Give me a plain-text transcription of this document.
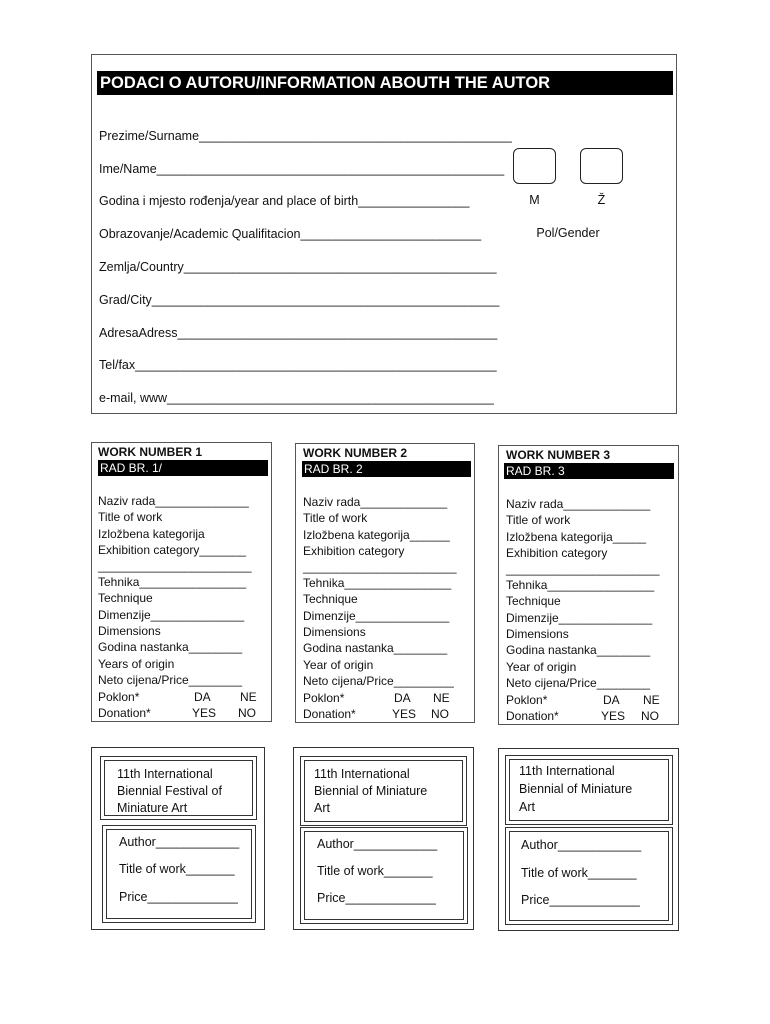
PODACI O AUTORU/INFORMATION ABOUTH THE AUTOR
Prezime/Surname_____________________________________________
Ime/Name__________________________________________________
Godina i mjesto rođenja/year and place of birth________________
Obrazovanje/Academic Qualifitacion__________________________
Zemlja/Country_____________________________________________
Grad/City__________________________________________________
AdresaAdress______________________________________________
Tel/fax____________________________________________________
e-mail, www_______________________________________________
M	Ž
Pol/Gender
WORK NUMBER 1
RAD BR. 1/
Naziv rada______________
Title of work
Izložbena kategorija
Exhibition category_______
_______________________
Tehnika________________
Technique
Dimenzije______________
Dimensions
Godina nastanka________
Years of origin
Neto cijena/Price________
Poklon*	DA NE
Donation*	YES NO
WORK NUMBER 2
RAD BR. 2
Naziv rada_____________
Title of work
Izložbena kategorija______
Exhibition category
_______________________
Tehnika________________
Technique
Dimenzije______________
Dimensions
Godina nastanka________
Year of origin
Neto cijena/Price_________
Poklon*	DA NE
Donation*	YES NO
WORK NUMBER 3
RAD BR. 3
Naziv rada_____________
Title of work
Izložbena kategorija_____
Exhibition category
_______________________
Tehnika________________
Technique
Dimenzije______________
Dimensions
Godina nastanka________
Year of origin
Neto cijena/Price________
Poklon*	DA NE
Donation*	YES NO
11th International
Biennial Festival of
Miniature Art
Author____________
Title of work_______
Price_____________
11th International
Biennial of Miniature
Art
Author____________
Title of work_______
Price_____________
11th International
Biennial of Miniature
Art
Author____________
Title of work_______
Price_____________
